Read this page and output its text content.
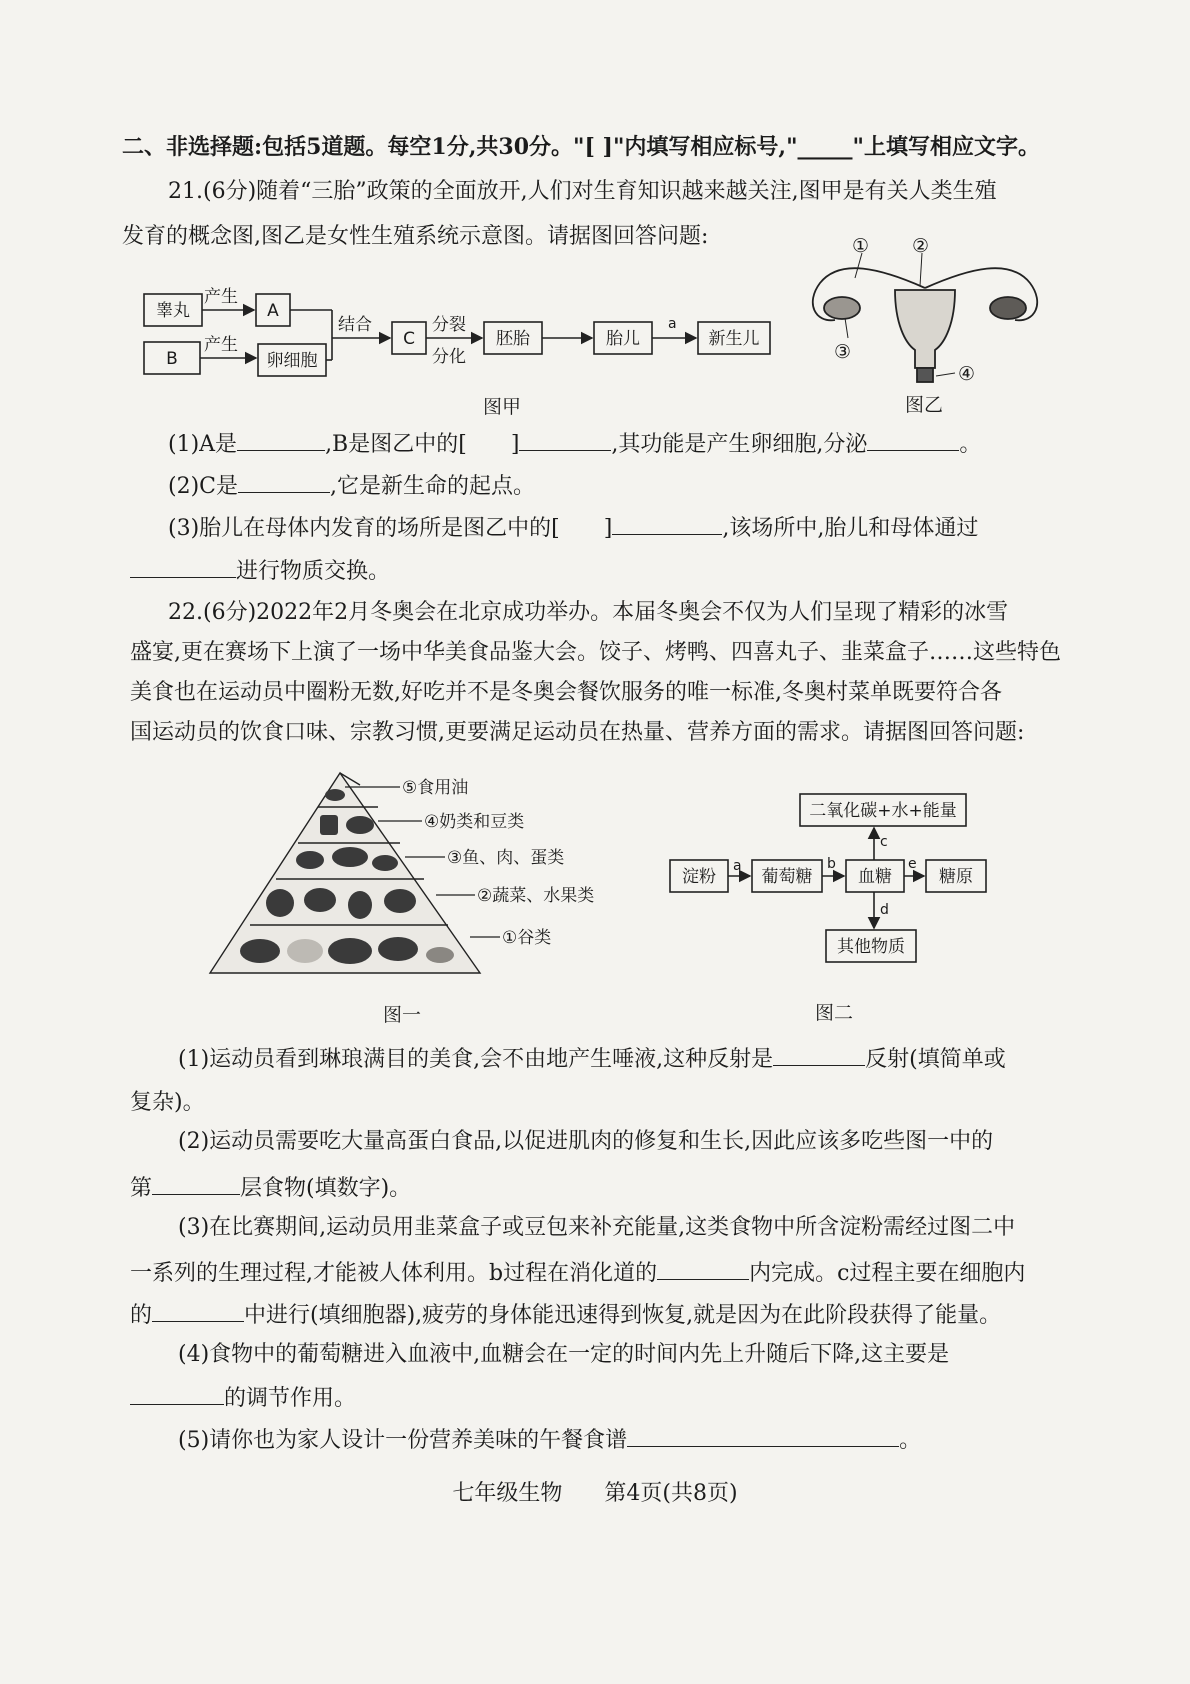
二、非选择题:包括5道题。每空1分,共30分。"[ ]"内填写相应标号,"_____"上填写相应文字。
21.(6分)随着“三胎”政策的全面放开,人们对生育知识越来越关注,图甲是有关人类生殖
发育的概念图,图乙是女性生殖系统示意图。请据图回答问题:
睾丸	A
B	卵细胞
C	胚胎	胎儿	新生儿
产生
产生
结合	分裂
分化
a
图甲
① ②
③
④
图乙
(1)A是	,B是图乙中的[ ]	,其功能是产生卵细胞,分泌	。
(2)C是	,它是新生命的起点。
(3)胎儿在母体内发育的场所是图乙中的[ ]	,该场所中,胎儿和母体通过
进行物质交换。
22.(6分)2022年2月冬奥会在北京成功举办。本届冬奥会不仅为人们呈现了精彩的冰雪
盛宴,更在赛场下上演了一场中华美食品鉴大会。饺子、烤鸭、四喜丸子、韭菜盒子……这些特色
美食也在运动员中圈粉无数,好吃并不是冬奥会餐饮服务的唯一标准,冬奥村菜单既要符合各
国运动员的饮食口味、宗教习惯,更要满足运动员在热量、营养方面的需求。请据图回答问题:
⑤食用油
④奶类和豆类
③鱼、肉、蛋类
②蔬菜、水果类
①谷类
图一
淀粉	葡萄糖	血糖	糖原
二氧化碳+水+能量
其他物质
a	b
c
d
e
图二
(1)运动员看到琳琅满目的美食,会不由地产生唾液,这种反射是	反射(填简单或
复杂)。
(2)运动员需要吃大量高蛋白食品,以促进肌肉的修复和生长,因此应该多吃些图一中的
第	层食物(填数字)。
(3)在比赛期间,运动员用韭菜盒子或豆包来补充能量,这类食物中所含淀粉需经过图二中
一系列的生理过程,才能被人体利用。b过程在消化道的	内完成。c过程主要在细胞内
的	中进行(填细胞器),疲劳的身体能迅速得到恢复,就是因为在此阶段获得了能量。
(4)食物中的葡萄糖进入血液中,血糖会在一定的时间内先上升随后下降,这主要是
的调节作用。
(5)请你也为家人设计一份营养美味的午餐食谱	。
七年级生物 第4页(共8页)
